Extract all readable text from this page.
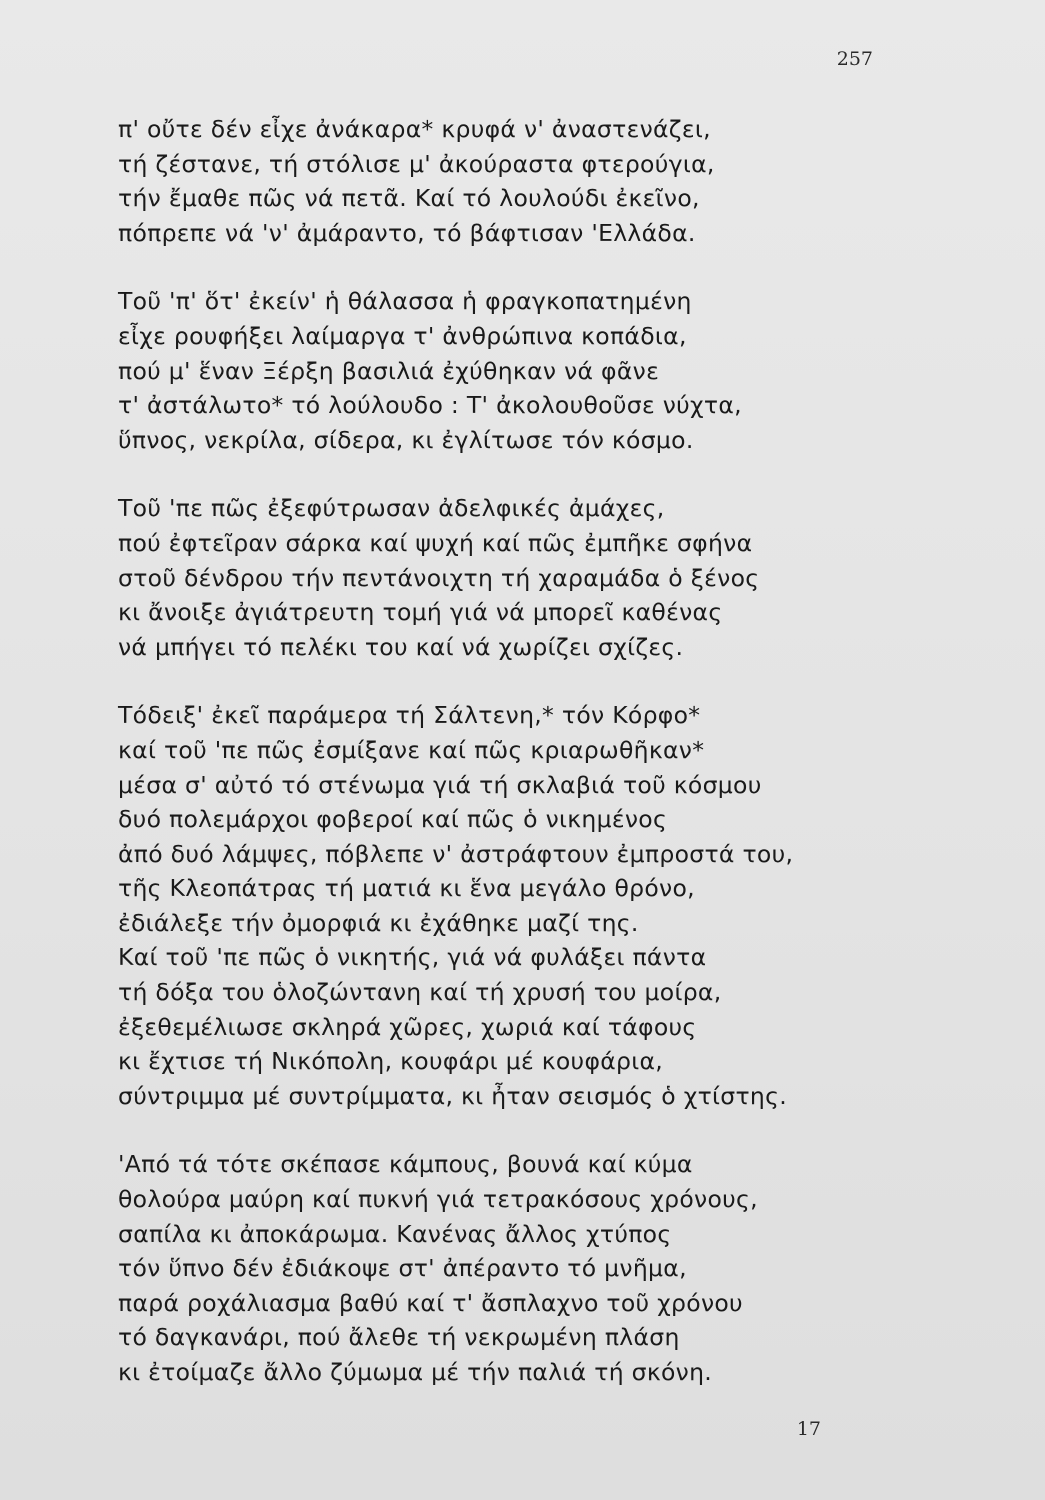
257
π' οὔτε δέν εἶχε ἀνάκαρα* κρυφά ν' ἀναστενάζει,
τή ζέστανε, τή στόλισε μ' ἀκούραστα φτερούγια,
τήν ἔμαθε πῶς νά πετᾶ. Καί τό λουλούδι ἐκεῖνο,
πόπρεπε νά 'ν' ἀμάραντο, τό βάφτισαν 'Ελλάδα.
Τοῦ 'π' ὅτ' ἐκείν' ἡ θάλασσα ἡ φραγκοπατημένη
εἶχε ρουφήξει λαίμαργα τ' ἀνθρώπινα κοπάδια,
πού μ' ἕναν Ξέρξη βασιλιά ἐχύθηκαν νά φᾶνε
τ' ἀστάλωτο* τό λούλουδο : Τ' ἀκολουθοῦσε νύχτα,
ὕπνος, νεκρίλα, σίδερα, κι ἐγλίτωσε τόν κόσμο.
Τοῦ 'πε πῶς ἐξεφύτρωσαν ἀδελφικές ἀμάχες,
πού ἐφτεῖραν σάρκα καί ψυχή καί πῶς ἐμπῆκε σφήνα
στοῦ δένδρου τήν πεντάνοιχτη τή χαραμάδα ὁ ξένος
κι ἄνοιξε ἀγιάτρευτη τομή γιά νά μπορεῖ καθένας
νά μπήγει τό πελέκι του καί νά χωρίζει σχίζες.
Τόδειξ' ἐκεῖ παράμερα τή Σάλτενη,* τόν Κόρφο*
καί τοῦ 'πε πῶς ἐσμίξανε καί πῶς κριαρωθῆκαν*
μέσα σ' αὐτό τό στένωμα γιά τή σκλαβιά τοῦ κόσμου
δυό πολεμάρχοι φοβεροί καί πῶς ὁ νικημένος
ἀπό δυό λάμψες, πόβλεπε ν' ἀστράφτουν ἐμπροστά του,
τῆς Κλεοπάτρας τή ματιά κι ἕνα μεγάλο θρόνο,
ἐδιάλεξε τήν ὀμορφιά κι ἐχάθηκε μαζί της.
Καί τοῦ 'πε πῶς ὁ νικητής, γιά νά φυλάξει πάντα
τή δόξα του ὁλοζώντανη καί τή χρυσή του μοίρα,
ἐξεθεμέλιωσε σκληρά χῶρες, χωριά καί τάφους
κι ἔχτισε τή Νικόπολη, κουφάρι μέ κουφάρια,
σύντριμμα μέ συντρίμματα, κι ἦταν σεισμός ὁ χτίστης.
'Από τά τότε σκέπασε κάμπους, βουνά καί κύμα
θολούρα μαύρη καί πυκνή γιά τετρακόσους χρόνους,
σαπίλα κι ἀποκάρωμα. Κανένας ἄλλος χτύπος
τόν ὕπνο δέν ἐδιάκοψε στ' ἀπέραντο τό μνῆμα,
παρά ροχάλιασμα βαθύ καί τ' ἄσπλαχνο τοῦ χρόνου
τό δαγκανάρι, πού ἄλεθε τή νεκρωμένη πλάση
κι ἐτοίμαζε ἄλλο ζύμωμα μέ τήν παλιά τή σκόνη.
17
